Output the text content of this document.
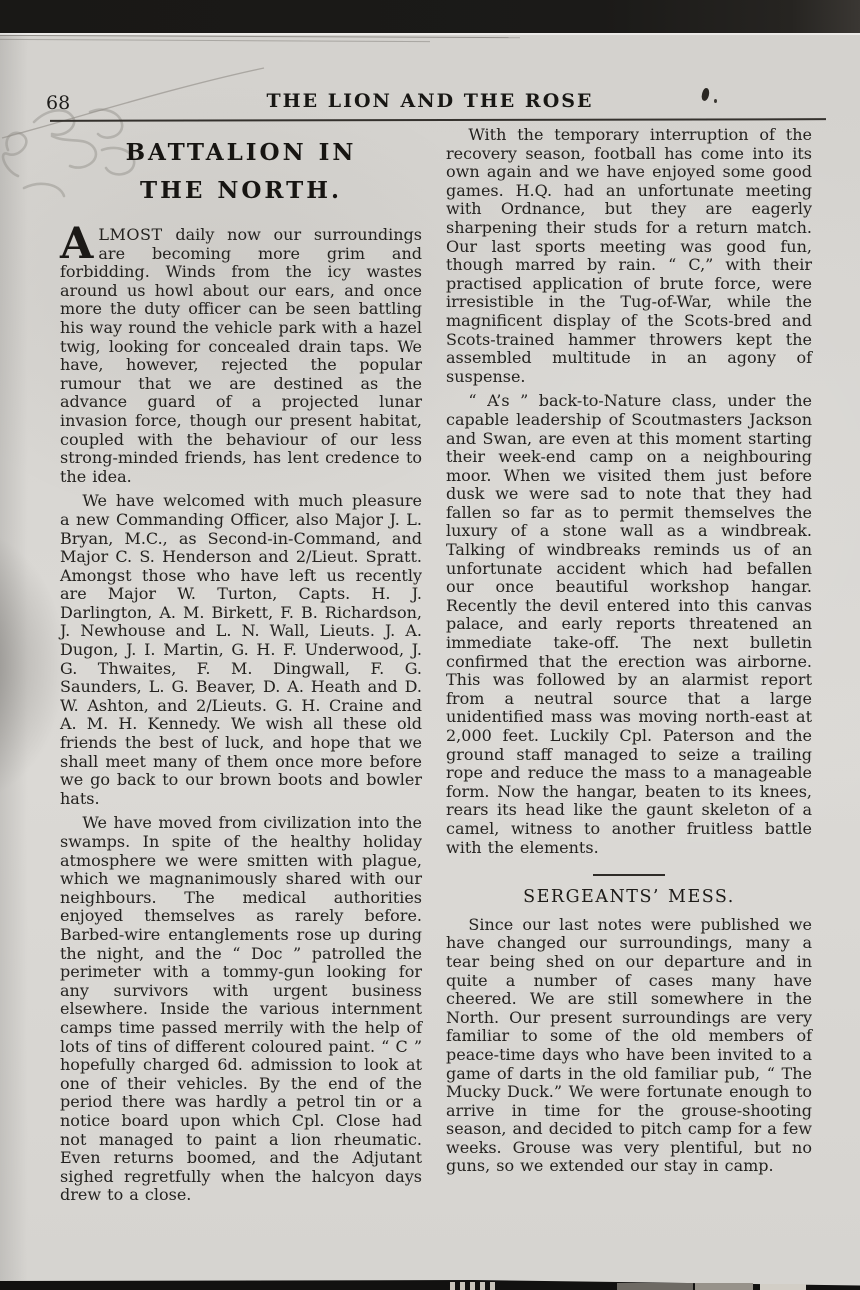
68	THE LION AND THE ROSE
BATTALION IN
THE NORTH.

ALMOST daily now our surroundings are becoming more grim and forbidding. Winds from the icy wastes around us howl about our ears, and once more the duty officer can be seen battling his way round the vehicle park with a hazel twig, looking for concealed drain taps. We have, however, rejected the popular rumour that we are destined as the advance guard of a projected lunar invasion force, though our present habitat, coupled with the behaviour of our less strong-minded friends, has lent credence to the idea.

We have welcomed with much pleasure a new Commanding Officer, also Major J. L. Bryan, M.C., as Second-in-Command, and Major C. S. Henderson and 2/Lieut. Spratt. Amongst those who have left us recently are Major W. Turton, Capts. H. J. Darlington, A. M. Birkett, F. B. Richardson, J. Newhouse and L. N. Wall, Lieuts. J. A. Dugon, J. I. Martin, G. H. F. Underwood, J. G. Thwaites, F. M. Dingwall, F. G. Saunders, L. G. Beaver, D. A. Heath and D. W. Ashton, and 2/Lieuts. G. H. Craine and A. M. H. Kennedy. We wish all these old friends the best of luck, and hope that we shall meet many of them once more before we go back to our brown boots and bowler hats.

We have moved from civilization into the swamps. In spite of the healthy holiday atmosphere we were smitten with plague, which we magnanimously shared with our neighbours. The medical authorities enjoyed themselves as rarely before. Barbed-wire entanglements rose up during the night, and the “ Doc ” patrolled the perimeter with a tommy-gun looking for any survivors with urgent business elsewhere. Inside the various internment camps time passed merrily with the help of lots of tins of different coloured paint. “ C ” hopefully charged 6d. admission to look at one of their vehicles. By the end of the period there was hardly a petrol tin or a notice board upon which Cpl. Close had not managed to paint a lion rheumatic. Even returns boomed, and the Adjutant sighed regretfully when the halcyon days drew to a close.

With the temporary interruption of the recovery season, football has come into its own again and we have enjoyed some good games. H.Q. had an unfortunate meeting with Ordnance, but they are eagerly sharpening their studs for a return match. Our last sports meeting was good fun, though marred by rain. “ C,” with their practised application of brute force, were irresistible in the Tug-of-War, while the magnificent display of the Scots-bred and Scots-trained hammer throwers kept the assembled multitude in an agony of suspense.

“ A’s ” back-to-Nature class, under the capable leadership of Scoutmasters Jackson and Swan, are even at this moment starting their week-end camp on a neighbouring moor. When we visited them just before dusk we were sad to note that they had fallen so far as to permit themselves the luxury of a stone wall as a windbreak. Talking of windbreaks reminds us of an unfortunate accident which had befallen our once beautiful workshop hangar. Recently the devil entered into this canvas palace, and early reports threatened an immediate take-off. The next bulletin confirmed that the erection was airborne. This was followed by an alarmist report from a neutral source that a large unidentified mass was moving north-east at 2,000 feet. Luckily Cpl. Paterson and the ground staff managed to seize a trailing rope and reduce the mass to a manageable form. Now the hangar, beaten to its knees, rears its head like the gaunt skeleton of a camel, witness to another fruitless battle with the elements.

SERGEANTS’ MESS.

Since our last notes were published we have changed our surroundings, many a tear being shed on our departure and in quite a number of cases many have cheered. We are still somewhere in the North. Our present surroundings are very familiar to some of the old members of peace-time days who have been invited to a game of darts in the old familiar pub, “ The Mucky Duck.” We were fortunate enough to arrive in time for the grouse-shooting season, and decided to pitch camp for a few weeks. Grouse was very plentiful, but no guns, so we extended our stay in camp.
